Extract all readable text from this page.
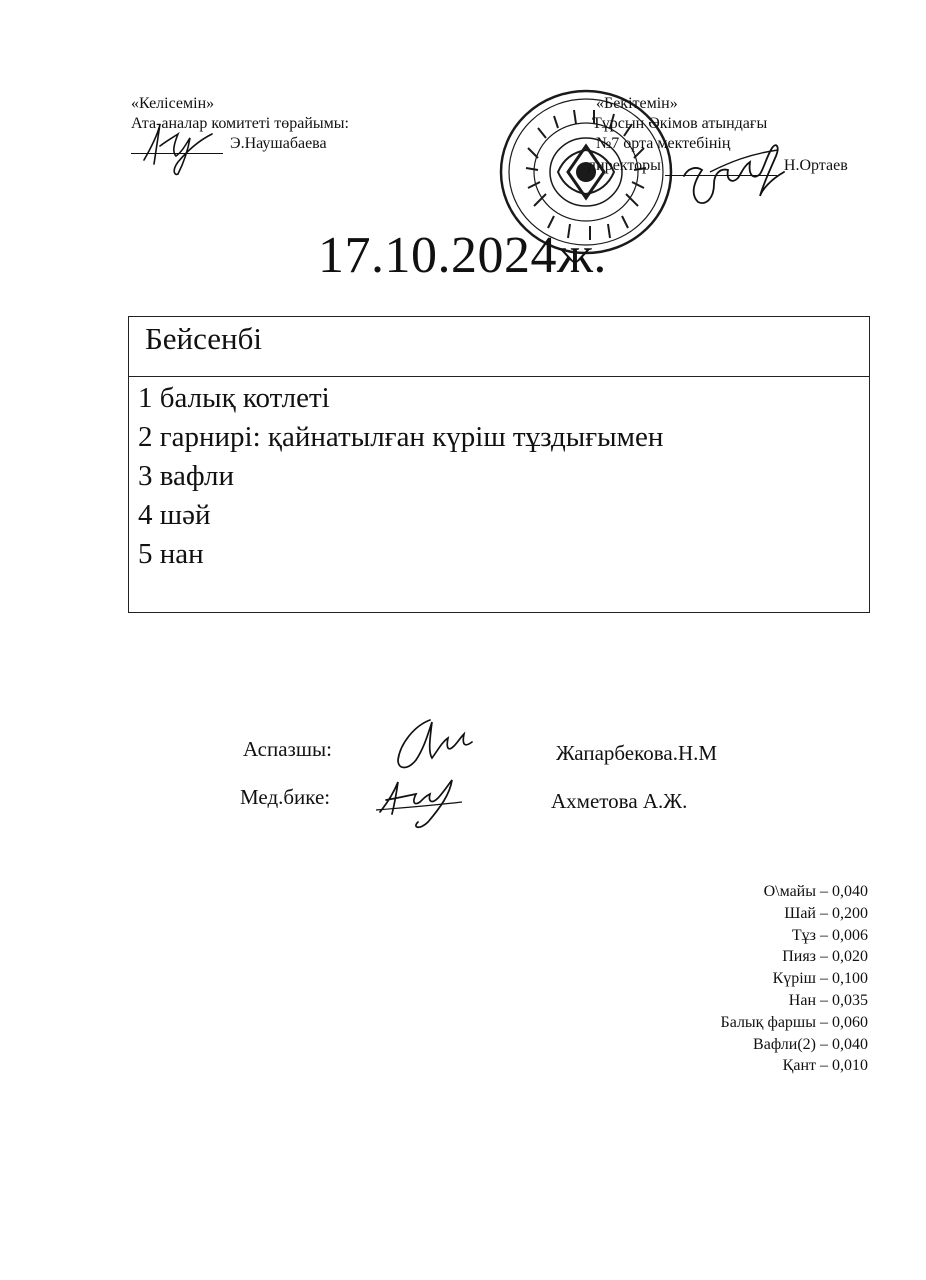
«Келісемін»
Ата-аналар комитеті төрайымы:
Э.Наушабаева
«Бекітемін»
Тұрсын Әкімов атындағы
№7 орта мектебінің
директоры	Н.Ортаев
17.10.2024ж.
Бейсенбі
1 балық котлеті
2 гарнирі: қайнатылған күріш тұздығымен
3 вафли
4 шәй
5 нан
Аспазшы:	Жапарбекова.Н.М
Мед.бике:	Ахметова А.Ж.
О\майы – 0,040
Шай – 0,200
Тұз – 0,006
Пияз – 0,020
Күріш – 0,100
Нан – 0,035
Балық фаршы – 0,060
Вафли(2) – 0,040
Қант – 0,010
